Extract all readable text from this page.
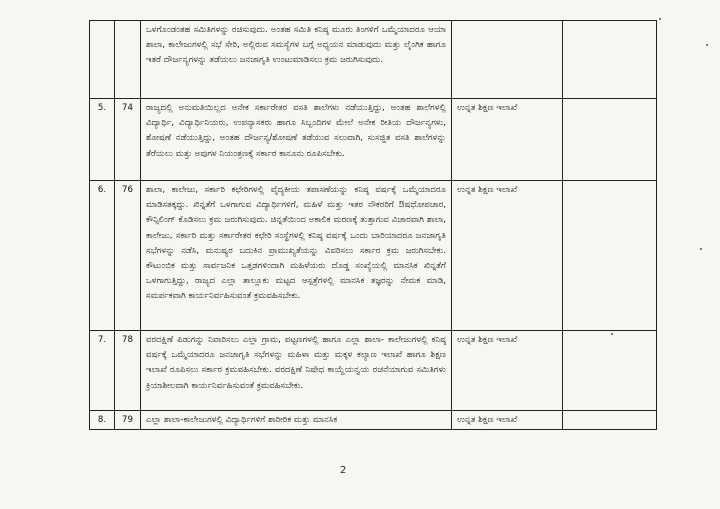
		ಒಳಗೊಂಡಂತಹ ಸಮಿತಿಗಳನ್ನು ರಚಿಸುವುದು. ಅಂತಹ ಸಮಿತಿ ಕನಿಷ್ಠ ಮೂರು ತಿಂಗಳಿಗೆ ಒಮ್ಮೆಯಾದರೂ ಆಯಾ ಶಾಲಾ, ಕಾಲೇಜುಗಳಲ್ಲಿ ಸಭೆ ಸೇರಿ, ಅಲ್ಲಿರುವ ಸಮಸ್ಯೆಗಳ ಬಗ್ಗೆ ಅಧ್ಯಯನ ಮಾಡುವುದು ಮತ್ತು ಲೈಂಗಿಕ ಹಾಗೂ ಇತರೆ ದೌರ್ಜನ್ಯಗಳನ್ನು ತಡೆಯಲು ಜನಜಾಗೃತಿ ಉಂಟುಮಾಡಿಸಲು ಕ್ರಮ ಜರುಗಿಸುವುದು.		
5.	74	ರಾಜ್ಯದಲ್ಲಿ ಅನುಮತಿಯಿಲ್ಲದ ಅನೇಕ ಸರ್ಕಾರೇತರ ವಸತಿ ಶಾಲೆಗಳು ನಡೆಯುತ್ತಿದ್ದು, ಅಂತಹ ಶಾಲೆಗಳಲ್ಲಿ ವಿದ್ಯಾರ್ಥಿ, ವಿದ್ಯಾರ್ಥಿನಿಯರು, ಉಪನ್ಯಾಸಕರು ಹಾಗೂ ಸಿಬ್ಬಂದಿಗಳ ಮೇಲೆ ಅನೇಕ ರೀತಿಯ ದೌರ್ಜನ್ಯಗಳು, ಶೋಷಣೆ ನಡೆಯುತ್ತಿದ್ದು, ಅಂತಹ ದೌರ್ಜನ್ಯ/ಶೋಷಣೆ ತಡೆಯುವ ಸಲುವಾಗಿ, ಸುಸಜ್ಜಿತ ವಸತಿ ಶಾಲೆಗಳನ್ನು ತೆರೆಯಲು ಮತ್ತು ಅವುಗಳ ನಿಯಂತ್ರಣಕ್ಕೆ ಸರ್ಕಾರ ಕಾನೂನು ರೂಪಿಸಬೇಕು.	ಉನ್ನತ ಶಿಕ್ಷಣ ಇಲಾಖೆ	
6.	76	ಶಾಲಾ, ಕಾಲೇಜು, ಸರ್ಕಾರಿ ಕಛೇರಿಗಳಲ್ಲಿ ವೈದ್ಯಕೀಯ ತಪಾಸಣೆಯನ್ನು ಕನಿಷ್ಠ ವರ್ಷಕ್ಕೆ ಒಮ್ಮೆಯಾದರೂ ಮಾಡಿಸತಕ್ಕದ್ದು. ಖಿನ್ನತೆಗೆ ಒಳಗಾಗುವ ವಿದ್ಯಾರ್ಥಿಗಳಿಗೆ, ಮಹಿಳೆ ಮತ್ತು ಇತರ ನೌಕರರಿಗೆ ಔಷಧೋಪಚಾರ, ಕೌನ್ಸಿಲಿಂಗ್ ಕೊಡಿಸಲು ಕ್ರಮ ಜರುಗಿಸುವುದು. ಚಿನ್ನತೆಯಿಂದ ಅಕಾಲಿಕ ಮರಣಕ್ಕೆ ತುತ್ತಾಗುವ ವಿಚಾರವಾಗಿ ಶಾಲಾ, ಕಾಲೇಜು, ಸರ್ಕಾರಿ ಮತ್ತು ಸರ್ಕಾರೇತರ ಕಛೇರಿ ಸಂಸ್ಥೆಗಳಲ್ಲಿ ಕನಿಷ್ಠ ವರ್ಷಕ್ಕೆ ಒಂದು ಬಾರಿಯಾದರೂ ಜನಜಾಗೃತಿ ಸಭೆಗಳನ್ನು ನಡೆಸಿ, ಮನುಷ್ಯರ ಬದುಕಿನ ಪ್ರಾಮುಖ್ಯತೆಯನ್ನು ವಿವರಿಸಲು ಸರ್ಕಾರ ಕ್ರಮ ಜರುಗಿಸಬೇಕು. ಕೌಟುಂಬಿಕ ಮತ್ತು ಸಾರ್ವಜನಿಕ ಒತ್ತಡಗಳಿಂದಾಗಿ ಮಹಿಳೆಯರು ದೊಡ್ಡ ಸಂಖ್ಯೆಯಲ್ಲಿ ಮಾನಸಿಕ ಖಿನ್ನತೆಗೆ ಒಳಗಾಗುತ್ತಿದ್ದು, ರಾಜ್ಯದ ಎಲ್ಲಾ ತಾಲ್ಲೂಕು ಮಟ್ಟದ ಆಸ್ಪತ್ರೆಗಳಲ್ಲಿ ಮಾನಸಿಕ ತಜ್ಞರನ್ನು ನೇಮಕ ಮಾಡಿ, ಸಮರ್ಪಕವಾಗಿ ಕಾರ್ಯನಿರ್ವಹಿಸುವಂತೆ ಕ್ರಮವಹಿಸಬೇಕು.	ಉನ್ನತ ಶಿಕ್ಷಣ ಇಲಾಖೆ	
7.	78	ವರದಕ್ಷಿಣೆ ಪಿಡುಗನ್ನು ನಿವಾರಿಸಲು ಎಲ್ಲಾ ಗ್ರಾಮ, ಪಟ್ಟಣಗಳಲ್ಲಿ ಹಾಗೂ ಎಲ್ಲಾ ಶಾಲಾ- ಕಾಲೇಜುಗಳಲ್ಲಿ ಕನಿಷ್ಠ ವರ್ಷಕ್ಕೆ ಒಮ್ಮೆಯಾದರೂ ಜನಜಾಗೃತಿ ಸಭೆಗಳನ್ನು ಮಹಿಳಾ ಮತ್ತು ಮಕ್ಕಳ ಕಲ್ಯಾಣ ಇಲಾಖೆ ಹಾಗೂ ಶಿಕ್ಷಣ ಇಲಾಖೆ ರೂಪಿಸಲು ಸರ್ಕಾರ ಕ್ರಮವಹಿಸಬೇಕು. ವರದಕ್ಷಿಣೆ ನಿಷೇಧ ಕಾಯ್ದೆಯನ್ವಯ ರಚನೆಯಾಗುವ ಸಮಿತಿಗಳು ಕ್ರಿಯಾಶೀಲವಾಗಿ ಕಾರ್ಯನಿರ್ವಹಿಸುವಂತೆ ಕ್ರಮವಹಿಸಬೇಕು.	ಉನ್ನತ ಶಿಕ್ಷಣ ಇಲಾಖೆ	
8.	79	ಎಲ್ಲಾ ಶಾಲಾ-ಕಾಲೇಜುಗಳಲ್ಲಿ ವಿದ್ಯಾರ್ಥಿಗಳಿಗೆ ಶಾರೀರಿಕ ಮತ್ತು ಮಾನಸಿಕ	ಉನ್ನತ ಶಿಕ್ಷಣ ಇಲಾಖೆ	
2
